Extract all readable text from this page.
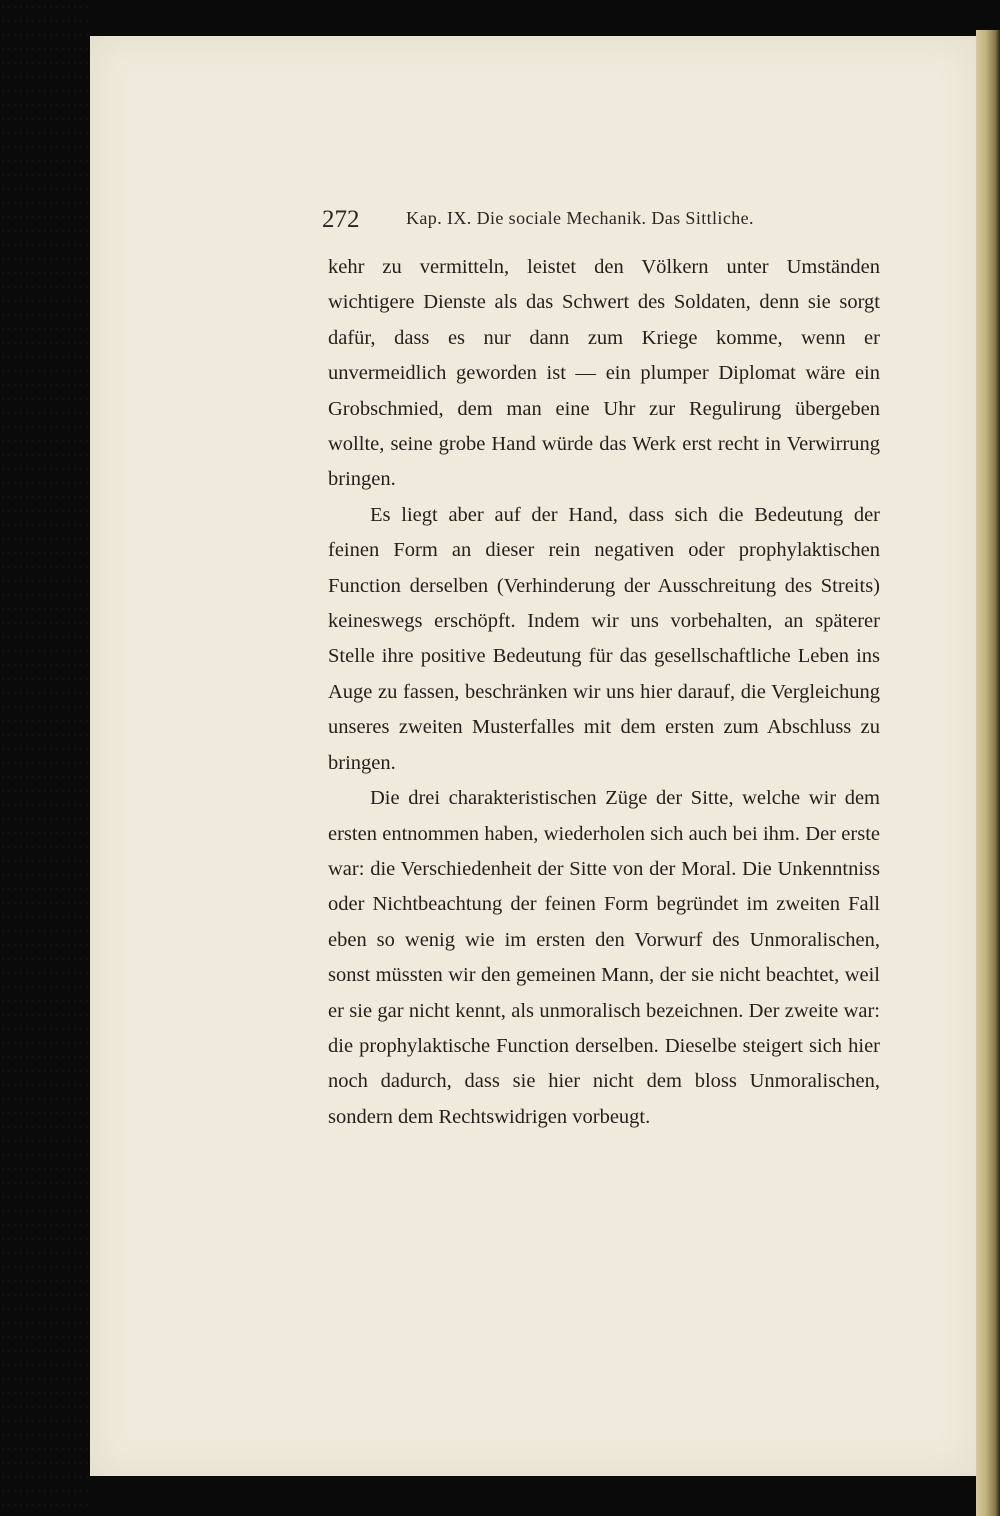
272	Kap. IX. Die sociale Mechanik. Das Sittliche.

kehr zu vermitteln, leistet den Völkern unter Umständen wichtigere Dienste als das Schwert des Soldaten, denn sie sorgt dafür, dass es nur dann zum Kriege komme, wenn er unvermeidlich geworden ist — ein plumper Diplomat wäre ein Grobschmied, dem man eine Uhr zur Regulirung übergeben wollte, seine grobe Hand würde das Werk erst recht in Verwirrung bringen.

Es liegt aber auf der Hand, dass sich die Bedeutung der feinen Form an dieser rein negativen oder prophylaktischen Function derselben (Verhinderung der Ausschreitung des Streits) keineswegs erschöpft. Indem wir uns vorbehalten, an späterer Stelle ihre positive Bedeutung für das gesellschaftliche Leben ins Auge zu fassen, beschränken wir uns hier darauf, die Vergleichung unseres zweiten Musterfalles mit dem ersten zum Abschluss zu bringen.

Die drei charakteristischen Züge der Sitte, welche wir dem ersten entnommen haben, wiederholen sich auch bei ihm. Der erste war: die Verschiedenheit der Sitte von der Moral. Die Unkenntniss oder Nichtbeachtung der feinen Form begründet im zweiten Fall eben so wenig wie im ersten den Vorwurf des Unmoralischen, sonst müssten wir den gemeinen Mann, der sie nicht beachtet, weil er sie gar nicht kennt, als unmoralisch bezeichnen. Der zweite war: die prophylaktische Function derselben. Dieselbe steigert sich hier noch dadurch, dass sie hier nicht dem bloss Unmoralischen, sondern dem Rechtswidrigen vorbeugt.
